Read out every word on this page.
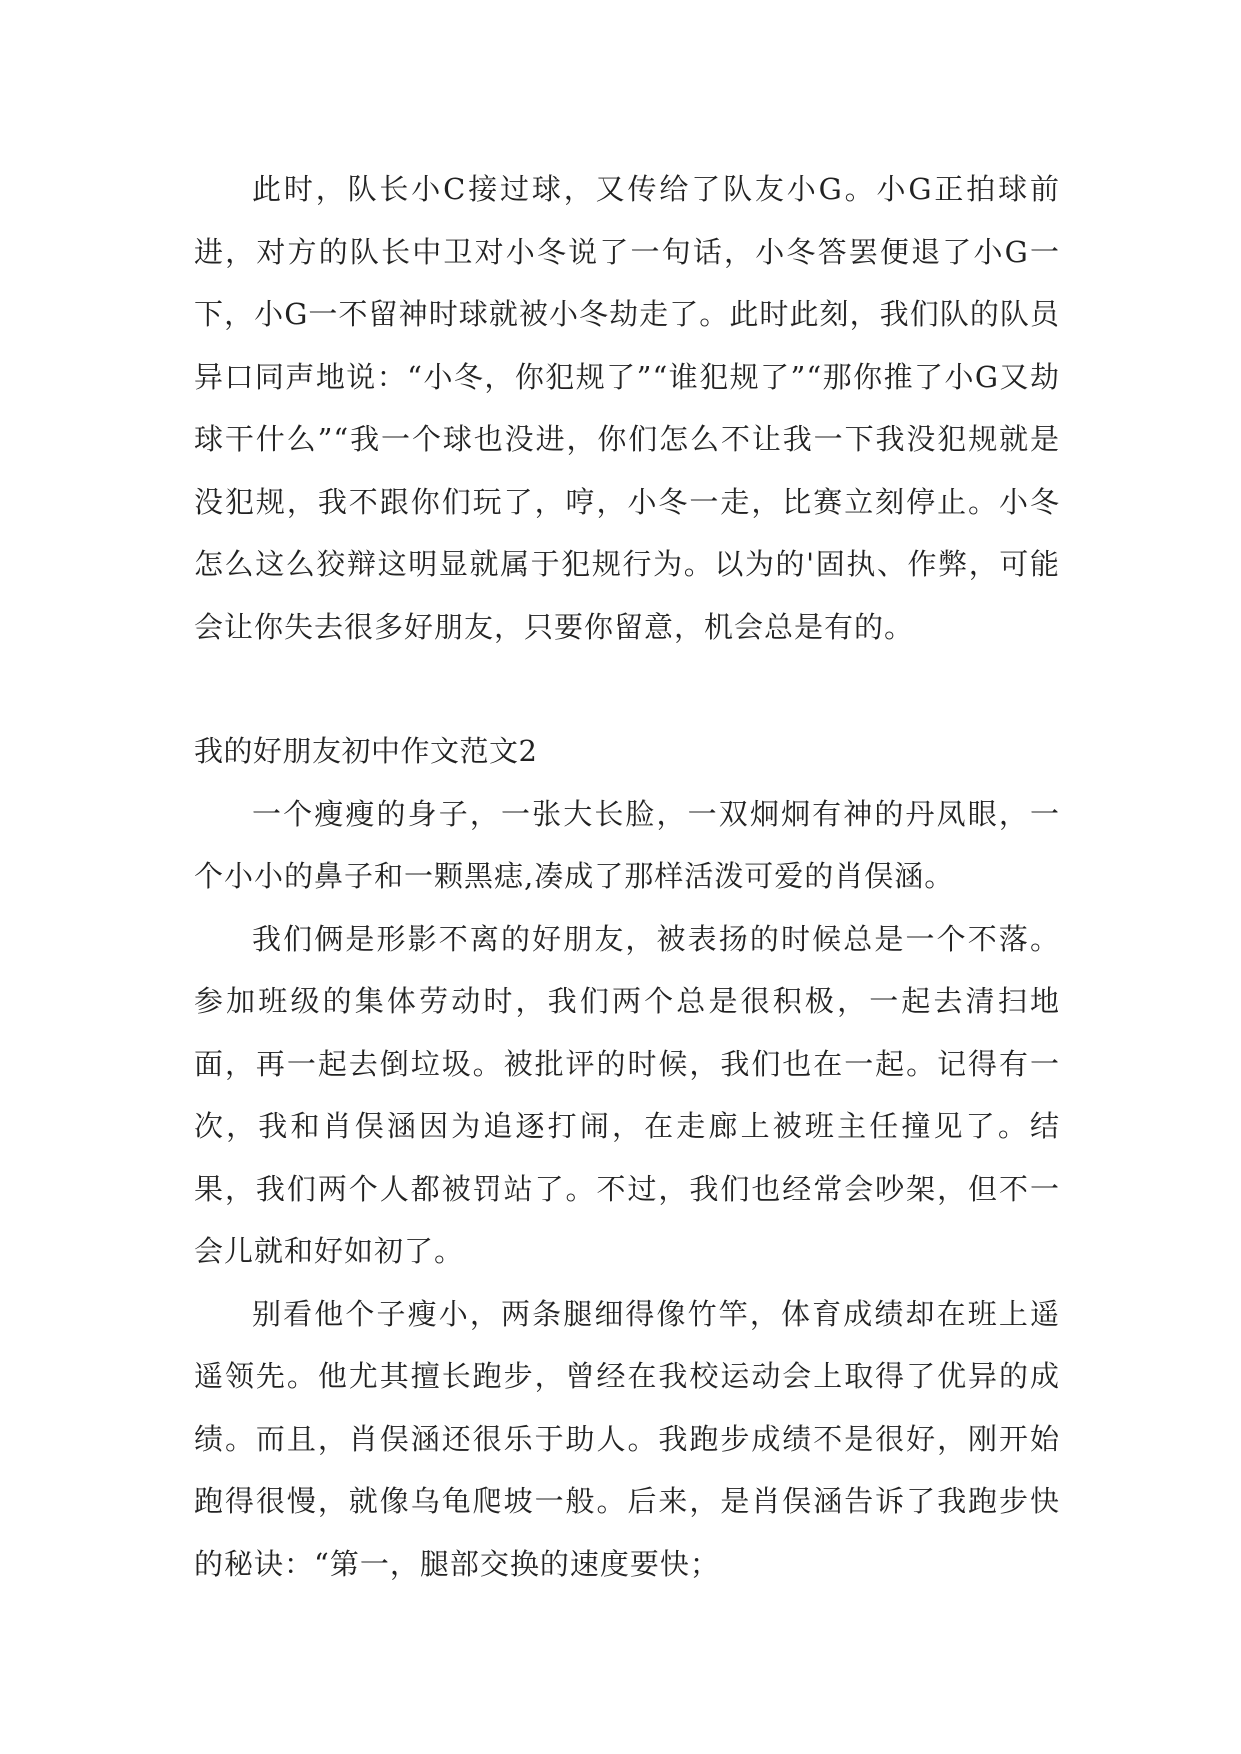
此时，队长小C接过球，又传给了队友小G。小G正拍球前进，对方的队长中卫对小冬说了一句话，小冬答罢便退了小G一下，小G一不留神时球就被小冬劫走了。此时此刻，我们队的队员异口同声地说：“小冬，你犯规了”“谁犯规了”“那你推了小G又劫球干什么”“我一个球也没进，你们怎么不让我一下我没犯规就是没犯规，我不跟你们玩了，哼，小冬一走，比赛立刻停止。小冬怎么这么狡辩这明显就属于犯规行为。以为的'固执、作弊，可能会让你失去很多好朋友，只要你留意，机会总是有的。

我的好朋友初中作文范文2

一个瘦瘦的身子，一张大长脸，一双炯炯有神的丹凤眼，一个小小的鼻子和一颗黑痣,凑成了那样活泼可爱的肖俣涵。

我们俩是形影不离的好朋友，被表扬的时候总是一个不落。参加班级的集体劳动时，我们两个总是很积极，一起去清扫地面，再一起去倒垃圾。被批评的时候，我们也在一起。记得有一次，我和肖俣涵因为追逐打闹，在走廊上被班主任撞见了。结果，我们两个人都被罚站了。不过，我们也经常会吵架，但不一会儿就和好如初了。

别看他个子瘦小，两条腿细得像竹竿，体育成绩却在班上遥遥领先。他尤其擅长跑步，曾经在我校运动会上取得了优异的成绩。而且，肖俣涵还很乐于助人。我跑步成绩不是很好，刚开始跑得很慢，就像乌龟爬坡一般。后来，是肖俣涵告诉了我跑步快的秘诀：“第一，腿部交换的速度要快；
